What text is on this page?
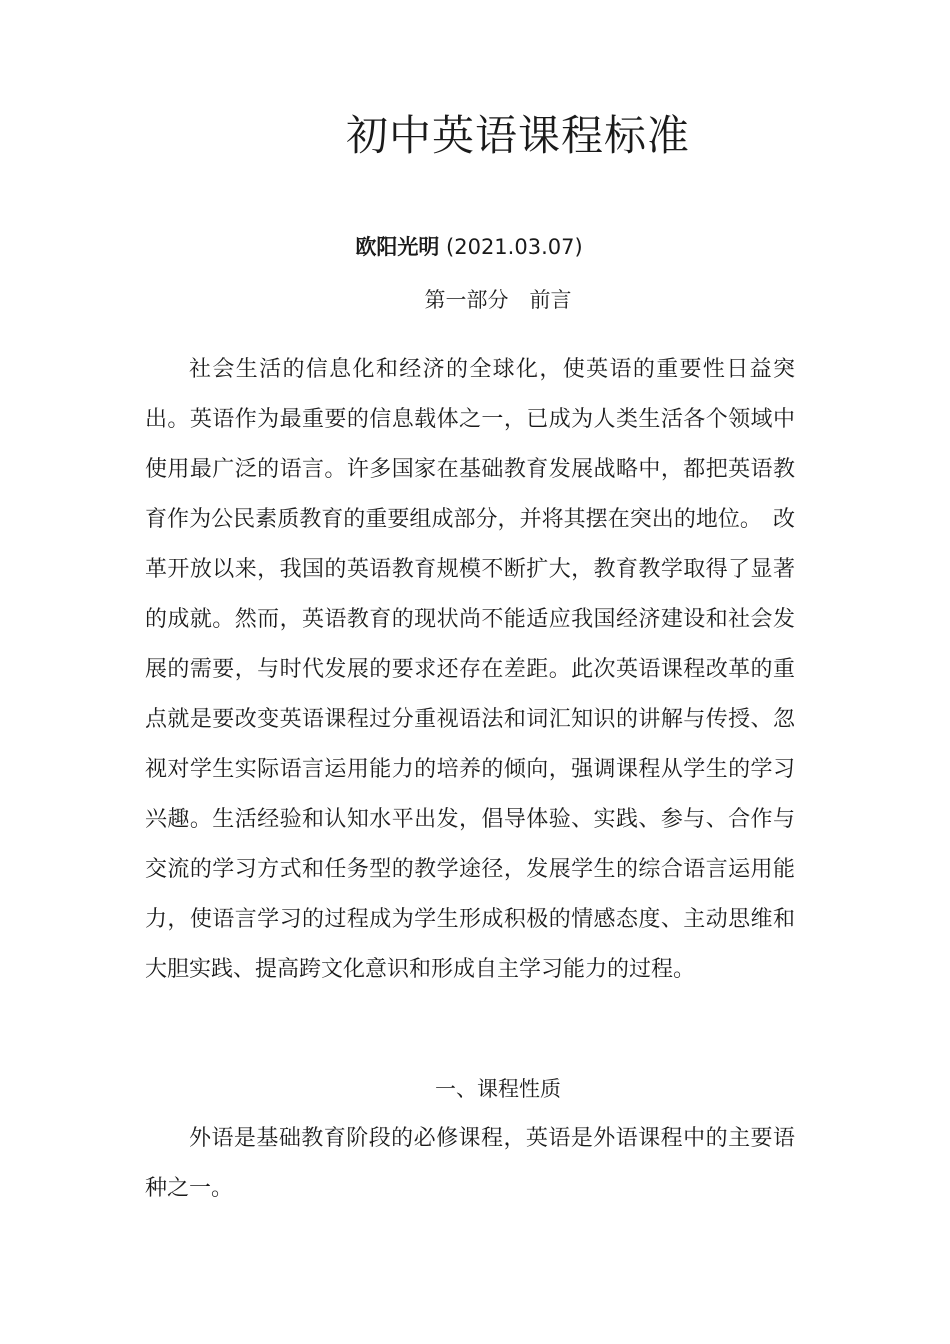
初中英语课程标准
欧阳光明 (2021.03.07)
第一部分　前言

社会生活的信息化和经济的全球化，使英语的重要性日益突出。英语作为最重要的信息载体之一，已成为人类生活各个领域中使用最广泛的语言。许多国家在基础教育发展战略中，都把英语教育作为公民素质教育的重要组成部分，并将其摆在突出的地位。　改革开放以来，我国的英语教育规模不断扩大，教育教学取得了显著的成就。然而，英语教育的现状尚不能适应我国经济建设和社会发展的需要，与时代发展的要求还存在差距。此次英语课程改革的重点就是要改变英语课程过分重视语法和词汇知识的讲解与传授、忽视对学生实际语言运用能力的培养的倾向，强调课程从学生的学习兴趣。生活经验和认知水平出发，倡导体验、实践、参与、合作与交流的学习方式和任务型的教学途径，发展学生的综合语言运用能力，使语言学习的过程成为学生形成积极的情感态度、主动思维和大胆实践、提高跨文化意识和形成自主学习能力的过程。

一、课程性质

外语是基础教育阶段的必修课程，英语是外语课程中的主要语种之一。
